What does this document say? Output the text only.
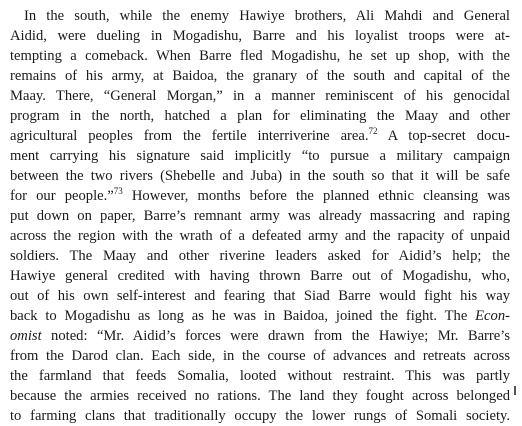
In the south, while the enemy Hawiye brothers, Ali Mahdi and General
Aidid, were dueling in Mogadishu, Barre and his loyalist troops were at-
tempting a comeback. When Barre fled Mogadishu, he set up shop, with the
remains of his army, at Baidoa, the granary of the south and capital of the
Maay. There, “General Morgan,” in a manner reminiscent of his genocidal
program in the north, hatched a plan for eliminating the Maay and other
agricultural peoples from the fertile interriverine area.$^{72}$ A top-secret docu-
ment carrying his signature said implicitly “to pursue a military campaign
between the two rivers (Shebelle and Juba) in the south so that it will be safe
for our people.”$^{73}$ However, months before the planned ethnic cleansing was
put down on paper, Barre’s remnant army was already massacring and raping
across the region with the wrath of a defeated army and the rapacity of unpaid
soldiers. The Maay and other riverine leaders asked for Aidid’s help; the
Hawiye general credited with having thrown Barre out of Mogadishu, who,
out of his own self-interest and fearing that Siad Barre would fight his way
back to Mogadishu as long as he was in Baidoa, joined the fight. The Econ-
omist noted: “Mr. Aidid’s forces were drawn from the Hawiye; Mr. Barre’s
from the Darod clan. Each side, in the course of advances and retreats across
the farmland that feeds Somalia, looted without restraint. This was partly
because the armies received no rations. The land they fought across belonged
to farming clans that traditionally occupy the lower rungs of Somali society.
